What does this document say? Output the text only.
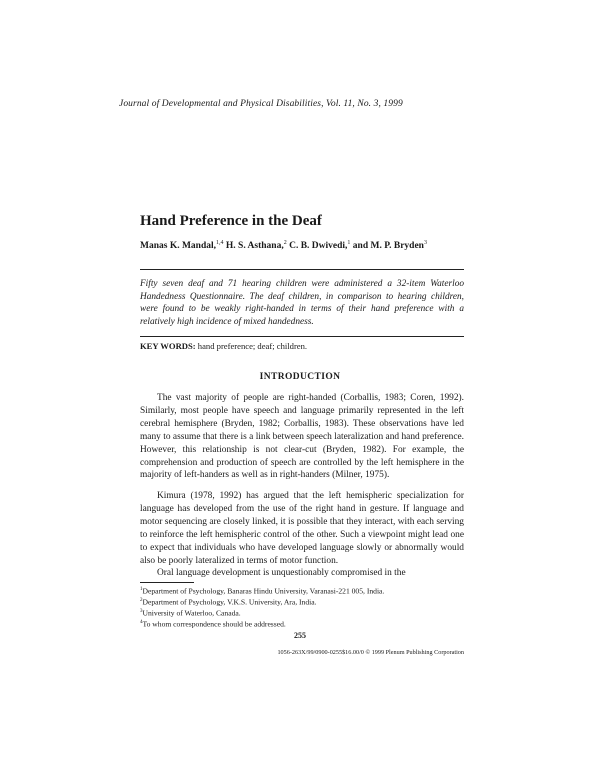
Journal of Developmental and Physical Disabilities, Vol. 11, No. 3, 1999
Hand Preference in the Deaf
Manas K. Mandal,$^{1,4}$ H. S. Asthana,$^2$ C. B. Dwivedi,$^1$ and M. P. Bryden$^3$
Fifty seven deaf and 71 hearing children were administered a 32-item Waterloo Handedness Questionnaire. The deaf children, in comparison to hearing children, were found to be weakly right-handed in terms of their hand preference with a relatively high incidence of mixed handedness.
KEY WORDS: hand preference; deaf; children.
INTRODUCTION
The vast majority of people are right-handed (Corballis, 1983; Coren, 1992). Similarly, most people have speech and language primarily represented in the left cerebral hemisphere (Bryden, 1982; Corballis, 1983). These observations have led many to assume that there is a link between speech lateralization and hand preference. However, this relationship is not clear-cut (Bryden, 1982). For example, the comprehension and production of speech are controlled by the left hemisphere in the majority of left-handers as well as in right-handers (Milner, 1975).
Kimura (1978, 1992) has argued that the left hemispheric specialization for language has developed from the use of the right hand in gesture. If language and motor sequencing are closely linked, it is possible that they interact, with each serving to reinforce the left hemispheric control of the other. Such a viewpoint might lead one to expect that individuals who have developed language slowly or abnormally would also be poorly lateralized in terms of motor function.
Oral language development is unquestionably compromised in the
$^1$Department of Psychology, Banaras Hindu University, Varanasi-221 005, India.
$^2$Department of Psychology, V.K.S. University, Ara, India.
$^3$University of Waterloo, Canada.
$^4$To whom correspondence should be addressed.
255
1056-263X/99/0900-0255$16.00/0 © 1999 Plenum Publishing Corporation
